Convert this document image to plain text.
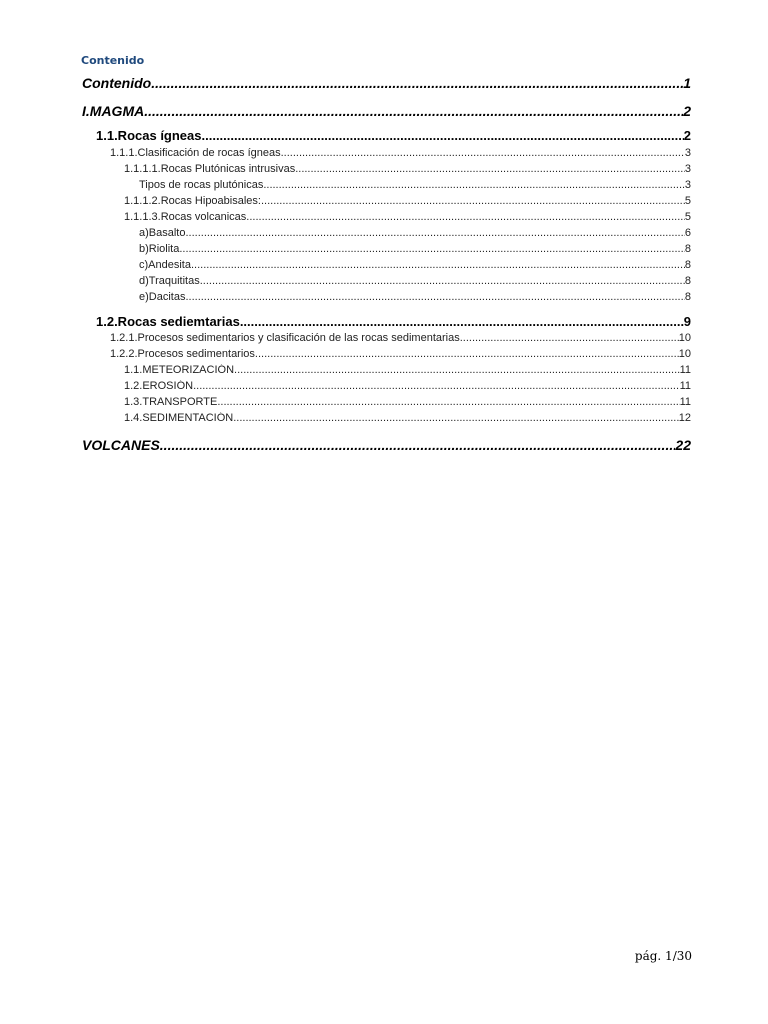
Contenido
Contenido .....	1
I.MAGMA .....	2
1.1.Rocas ígneas .....	2
1.1.1.Clasificación de rocas ígneas .....	3
1.1.1.1.Rocas Plutónicas intrusivas .....	3
Tipos de rocas plutónicas .....	3
1.1.1.2.Rocas Hipoabisales: .....	5
1.1.1.3.Rocas volcanicas .....	5
a)Basalto .....	6
b)Riolita .....	8
c)Andesita .....	8
d)Traquititas .....	8
e)Dacitas .....	8
1.2.Rocas sediemtarias .....	9
1.2.1.Procesos sedimentarios y clasificación de las rocas sedimentarias .....	10
1.2.2.Procesos sedimentarios .....	10
1.1.METEORIZACIÓN .....	11
1.2.EROSIÓN .....	11
1.3.TRANSPORTE .....	11
1.4.SEDIMENTACIÓN .....	12
VOLCANES .....	22
pág. 1/30
